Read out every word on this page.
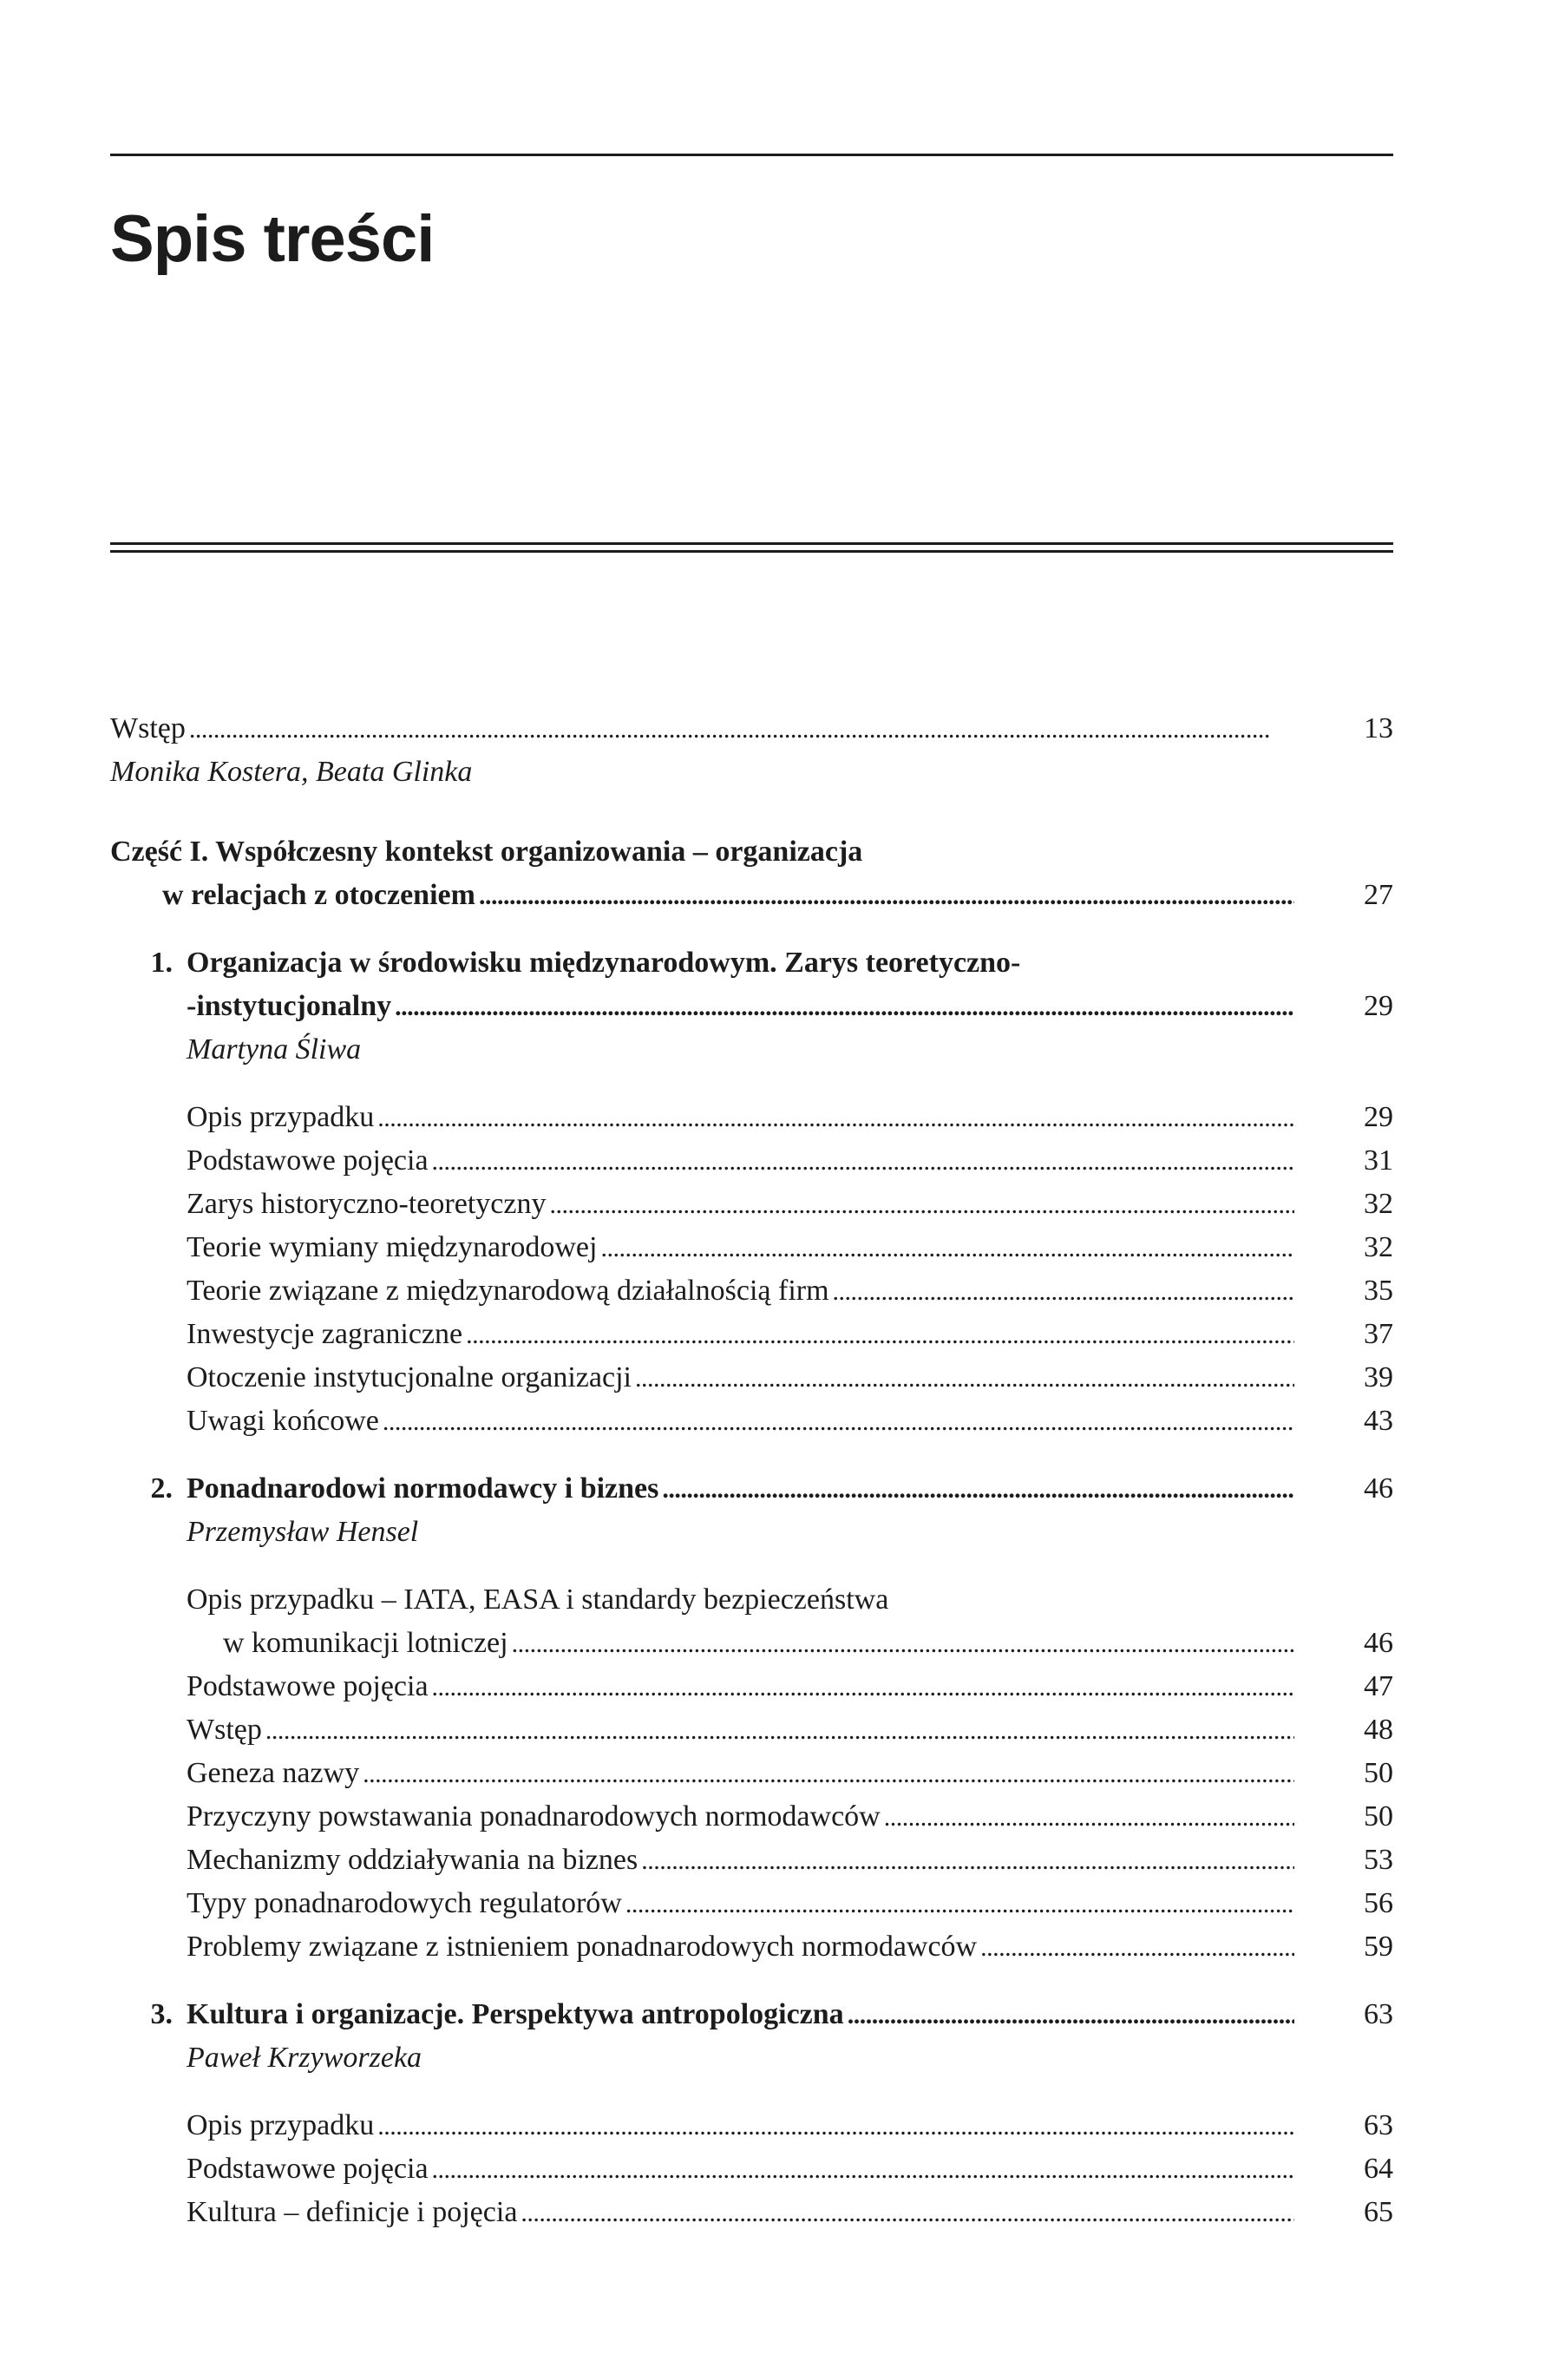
Spis treści
Wstęp . . .	13
Monika Kostera, Beata Glinka
Część I. Współczesny kontekst organizowania – organizacja
w relacjach z otoczeniem . . .	27
1. Organizacja w środowisku międzynarodowym. Zarys teoretyczno-
-instytucjonalny . . .	29
Martyna Śliwa
Opis przypadku . . .	29
Podstawowe pojęcia . . .	31
Zarys historyczno-teoretyczny . . .	32
Teorie wymiany międzynarodowej . . .	32
Teorie związane z międzynarodową działalnością firm . . .	35
Inwestycje zagraniczne . . .	37
Otoczenie instytucjonalne organizacji . . .	39
Uwagi końcowe . . .	43
2. Ponadnarodowi normodawcy i biznes . . .	46
Przemysław Hensel
Opis przypadku – IATA, EASA i standardy bezpieczeństwa
w komunikacji lotniczej . . .	46
Podstawowe pojęcia . . .	47
Wstęp . . .	48
Geneza nazwy . . .	50
Przyczyny powstawania ponadnarodowych normodawców . . .	50
Mechanizmy oddziaływania na biznes . . .	53
Typy ponadnarodowych regulatorów . . .	56
Problemy związane z istnieniem ponadnarodowych normodawców . . .	59
3. Kultura i organizacje. Perspektywa antropologiczna . . .	63
Paweł Krzyworzeka
Opis przypadku . . .	63
Podstawowe pojęcia . . .	64
Kultura – definicje i pojęcia . . .	65
